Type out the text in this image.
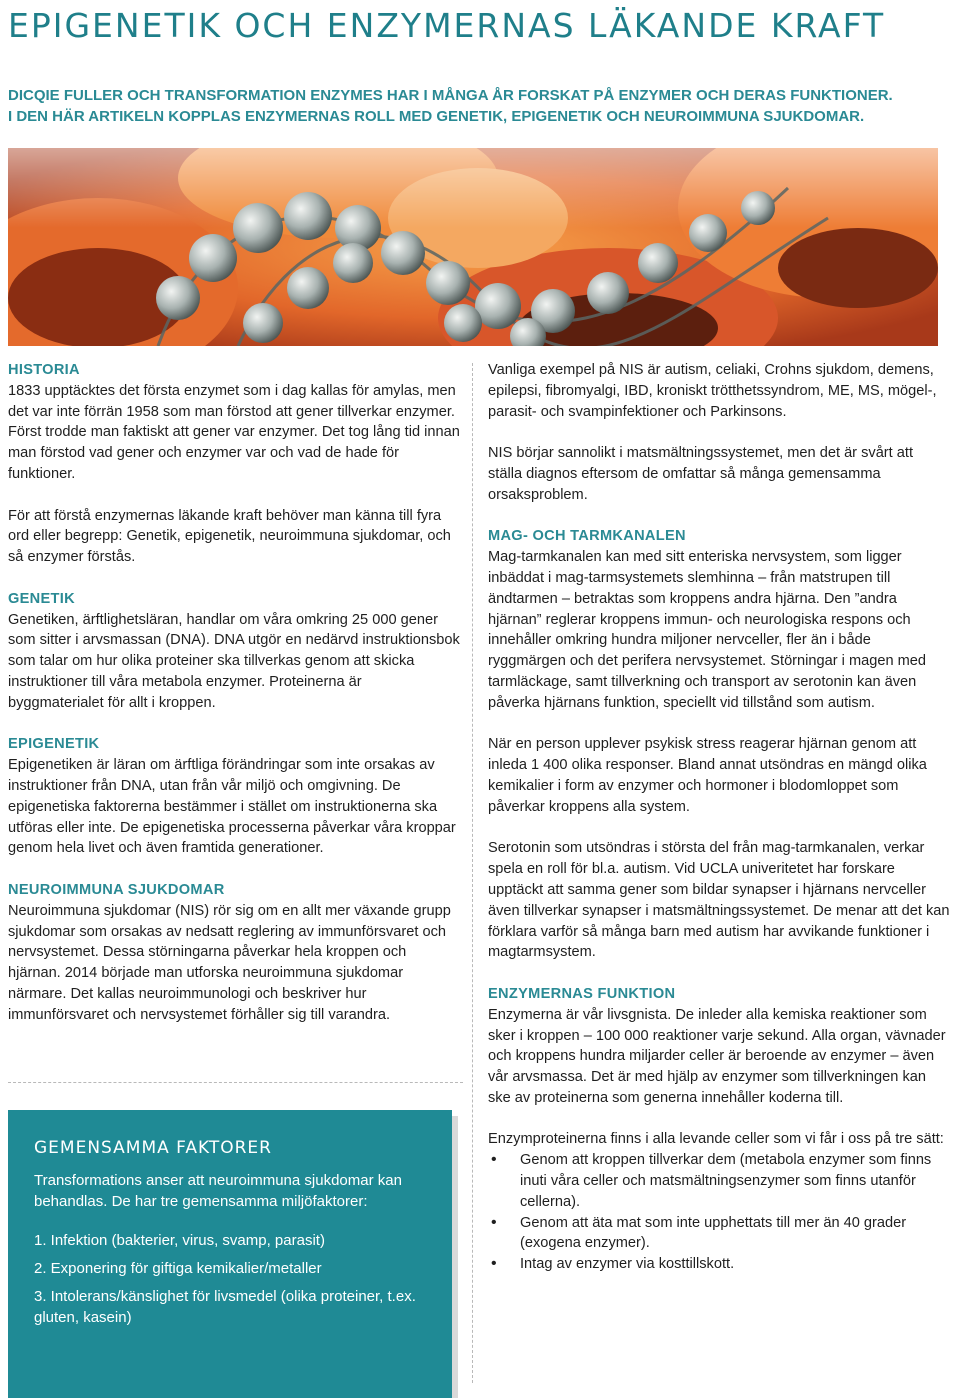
EPIGENETIK OCH ENZYMERNAS LÄKANDE KRAFT
DICQIE FULLER OCH TRANSFORMATION ENZYMES HAR I MÅNGA ÅR FORSKAT PÅ ENZYMER OCH DERAS FUNKTIONER.
I DEN HÄR ARTIKELN KOPPLAS ENZYMERNAS ROLL MED GENETIK, EPIGENETIK OCH NEUROIMMUNA SJUKDOMAR.
HISTORIA

1833 upptäcktes det första enzymet som i dag kallas för amylas, men det var inte förrän 1958 som man förstod att gener tillverkar enzymer. Först trodde man faktiskt att gener var enzymer. Det tog lång tid innan man förstod vad gener och enzymer var och vad de hade för funktioner.

För att förstå enzymernas läkande kraft behöver man känna till fyra ord eller begrepp: Genetik, epigenetik, neuroimmuna sjukdomar, och så enzymer förstås.

GENETIK

Genetiken, ärftlighetsläran, handlar om våra omkring 25 000 gener som sitter i arvsmassan (DNA). DNA utgör en nedärvd instruktionsbok som talar om hur olika proteiner ska tillverkas genom att skicka instruktioner till våra metabola enzymer. Proteinerna är byggmaterialet för allt i kroppen.

EPIGENETIK

Epigenetiken är läran om ärftliga förändringar som inte orsakas av instruktioner från DNA, utan från vår miljö och omgivning. De epigenetiska faktorerna bestämmer i stället om instruktionerna ska utföras eller inte. De epigenetiska processerna påverkar våra kroppar genom hela livet och även framtida generationer.

NEUROIMMUNA SJUKDOMAR

Neuroimmuna sjukdomar (NIS) rör sig om en allt mer växande grupp sjukdomar som orsakas av nedsatt reglering av immunförsvaret och nervsystemet. Dessa störningarna påverkar hela kroppen och hjärnan. 2014 började man utforska neuroimmuna sjukdomar närmare. Det kallas neuroimmunologi och beskriver hur immunförsvaret och nervsystemet förhåller sig till varandra.

GEMENSAMMA FAKTORER

Transformations anser att neuroimmuna sjukdomar kan behandlas. De har tre gemensamma miljöfaktorer:

1. Infektion (bakterier, virus, svamp, parasit)
2. Exponering för giftiga kemikalier/metaller
3. Intolerans/känslighet för livsmedel (olika proteiner, t.ex. gluten, kasein)

Vanliga exempel på NIS är autism, celiaki, Crohns sjukdom, demens, epilepsi, fibromyalgi, IBD, kroniskt trötthetssyndrom, ME, MS, mögel-, parasit- och svampinfektioner och Parkinsons.

NIS börjar sannolikt i matsmältningssystemet, men det är svårt att ställa diagnos eftersom de omfattar så många gemensamma orsaksproblem.

MAG- OCH TARMKANALEN

Mag-tarmkanalen kan med sitt enteriska nervsystem, som ligger inbäddat i mag-tarmsystemets slemhinna – från matstrupen till ändtarmen – betraktas som kroppens andra hjärna. Den ”andra hjärnan” reglerar kroppens immun- och neurologiska respons och innehåller omkring hundra miljoner nervceller, fler än i både ryggmärgen och det perifera nervsystemet. Störningar i magen med tarmläckage, samt tillverkning och transport av serotonin kan även påverka hjärnans funktion, speciellt vid tillstånd som autism.

När en person upplever psykisk stress reagerar hjärnan genom att inleda 1 400 olika responser. Bland annat utsöndras en mängd olika kemikalier i form av enzymer och hormoner i blodomloppet som påverkar kroppens alla system.

Serotonin som utsöndras i största del från mag-tarmkanalen, verkar spela en roll för bl.a. autism. Vid UCLA univeritetet har forskare upptäckt att samma gener som bildar synapser i hjärnans nervceller även tillverkar synapser i matsmältningssystemet. De menar att det kan förklara varför så många barn med autism har avvikande funktioner i magtarmsystem.

ENZYMERNAS FUNKTION

Enzymerna är vår livsgnista. De inleder alla kemiska reaktioner som sker i kroppen – 100 000 reaktioner varje sekund. Alla organ, vävnader och kroppens hundra miljarder celler är beroende av enzymer – även vår arvsmassa. Det är med hjälp av enzymer som tillverkningen kan ske av proteinerna som generna innehåller koderna till.

Enzymproteinerna finns i alla levande celler som vi får i oss på tre sätt:

• Genom att kroppen tillverkar dem (metabola enzymer som finns inuti våra celler och matsmältningsenzymer som finns utanför cellerna).
• Genom att äta mat som inte upphettats till mer än 40 grader (exogena enzymer).
• Intag av enzymer via kosttillskott.
